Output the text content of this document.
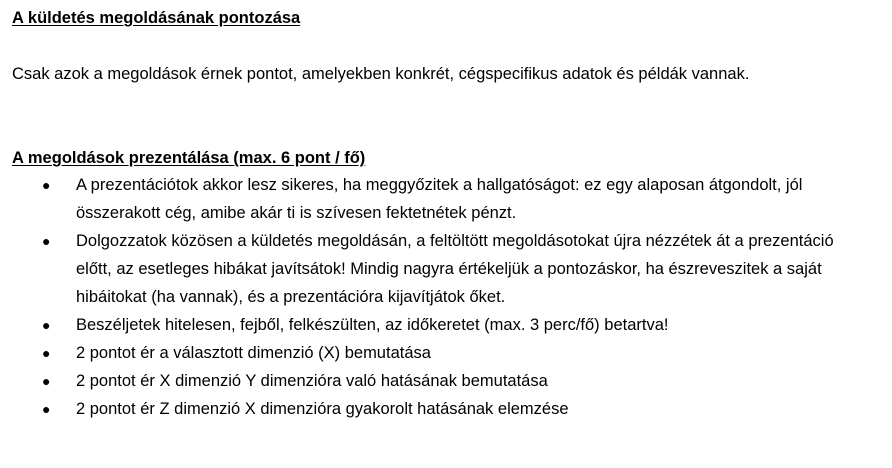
A küldetés megoldásának pontozása
Csak azok a megoldások érnek pontot, amelyekben konkrét, cégspecifikus adatok és példák vannak.
A megoldások prezentálása (max. 6 pont / fő)
● A prezentációtok akkor lesz sikeres, ha meggyőzitek a hallgatóságot: ez egy alaposan átgondolt, jól összerakott cég, amibe akár ti is szívesen fektetnétek pénzt.
● Dolgozzatok közösen a küldetés megoldásán, a feltöltött megoldásotokat újra nézzétek át a prezentáció előtt, az esetleges hibákat javítsátok! Mindig nagyra értékeljük a pontozáskor, ha észreveszitek a saját hibáitokat (ha vannak), és a prezentációra kijavítjátok őket.
● Beszéljetek hitelesen, fejből, felkészülten, az időkeretet (max. 3 perc/fő) betartva!
● 2 pontot ér a választott dimenzió (X) bemutatása
● 2 pontot ér X dimenzió Y dimenzióra való hatásának bemutatása
● 2 pontot ér Z dimenzió X dimenzióra gyakorolt hatásának elemzése
